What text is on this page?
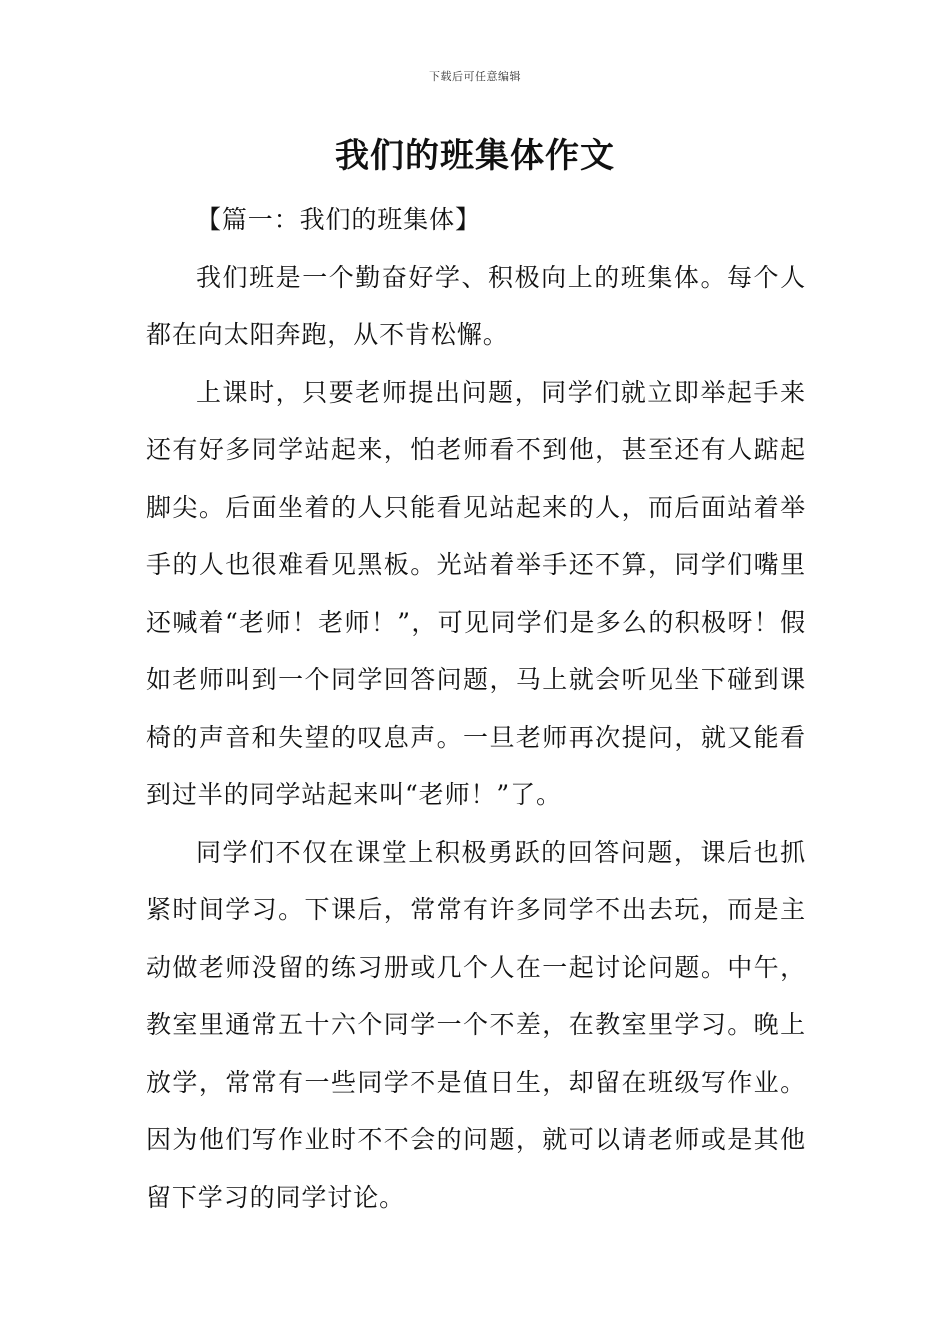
下载后可任意编辑
我们的班集体作文

【篇一：我们的班集体】

我们班是一个勤奋好学、积极向上的班集体。每个人都在向太阳奔跑，从不肯松懈。

上课时，只要老师提出问题，同学们就立即举起手来还有好多同学站起来，怕老师看不到他，甚至还有人踮起脚尖。后面坐着的人只能看见站起来的人，而后面站着举手的人也很难看见黑板。光站着举手还不算，同学们嘴里还喊着“老师！老师！”，可见同学们是多么的积极呀！假如老师叫到一个同学回答问题，马上就会听见坐下碰到课椅的声音和失望的叹息声。一旦老师再次提问，就又能看到过半的同学站起来叫“老师！”了。

同学们不仅在课堂上积极勇跃的回答问题，课后也抓紧时间学习。下课后，常常有许多同学不出去玩，而是主动做老师没留的练习册或几个人在一起讨论问题。中午，教室里通常五十六个同学一个不差，在教室里学习。晚上放学，常常有一些同学不是值日生，却留在班级写作业。因为他们写作业时不不会的问题，就可以请老师或是其他留下学习的同学讨论。
